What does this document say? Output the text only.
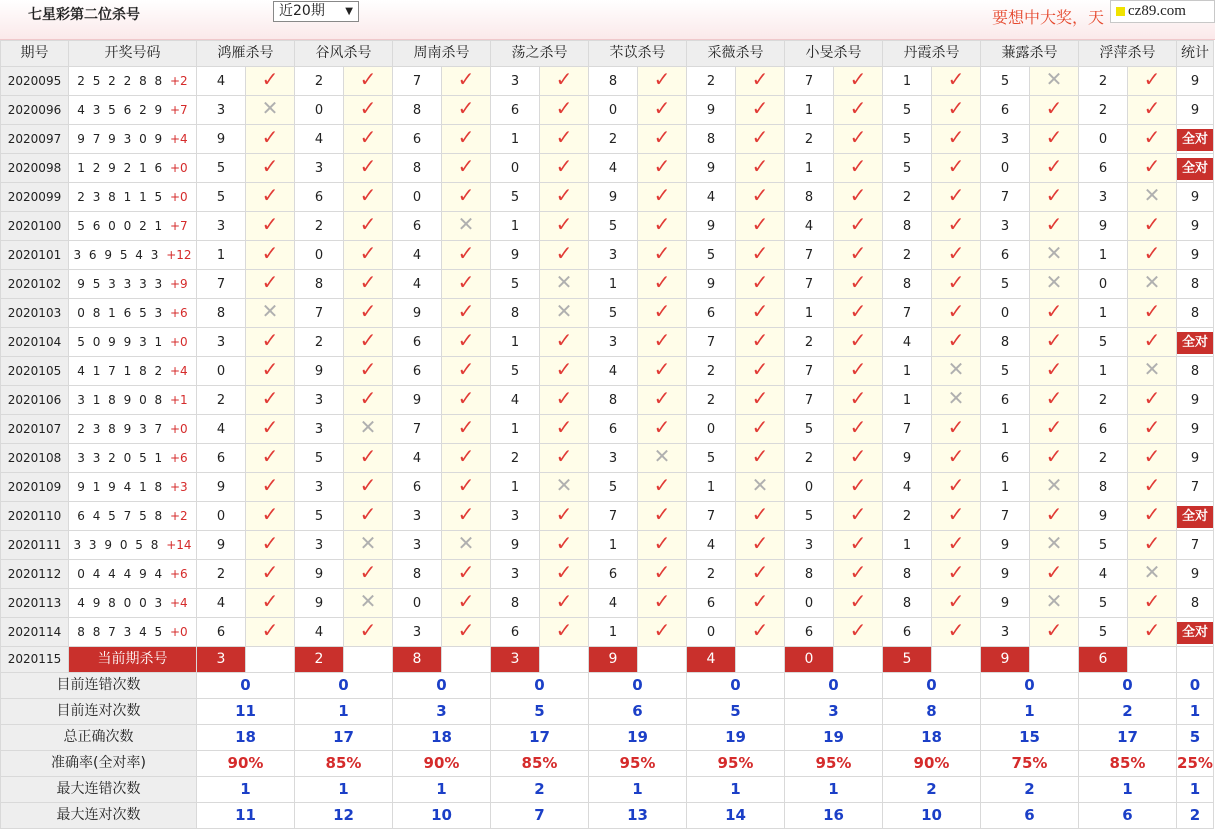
七星彩第二位杀号	近20期 ▼	要想中大奖，天	cz89.com
期号	开奖号码	鸿雁杀号		谷风杀号		周南杀号		荡之杀号		芣苡杀号		采薇杀号		小旻杀号		丹霞杀号		蒹露杀号		浮萍杀号		统计
2020095	2 5 2 2 8 8 +2	4	✓	2	✓	7	✓	3	✓	8	✓	2	✓	7	✓	1	✓	5	✕	2	✓	9
2020096	4 3 5 6 2 9 +7	3	✕	0	✓	8	✓	6	✓	0	✓	9	✓	1	✓	5	✓	6	✓	2	✓	9
2020097	9 7 9 3 0 9 +4	9	✓	4	✓	6	✓	1	✓	2	✓	8	✓	2	✓	5	✓	3	✓	0	✓	全对
2020098	1 2 9 2 1 6 +0	5	✓	3	✓	8	✓	0	✓	4	✓	9	✓	1	✓	5	✓	0	✓	6	✓	全对
2020099	2 3 8 1 1 5 +0	5	✓	6	✓	0	✓	5	✓	9	✓	4	✓	8	✓	2	✓	7	✓	3	✕	9
2020100	5 6 0 0 2 1 +7	3	✓	2	✓	6	✕	1	✓	5	✓	9	✓	4	✓	8	✓	3	✓	9	✓	9
2020101	3 6 9 5 4 3 +12	1	✓	0	✓	4	✓	9	✓	3	✓	5	✓	7	✓	2	✓	6	✕	1	✓	9
2020102	9 5 3 3 3 3 +9	7	✓	8	✓	4	✓	5	✕	1	✓	9	✓	7	✓	8	✓	5	✕	0	✕	8
2020103	0 8 1 6 5 3 +6	8	✕	7	✓	9	✓	8	✕	5	✓	6	✓	1	✓	7	✓	0	✓	1	✓	8
2020104	5 0 9 9 3 1 +0	3	✓	2	✓	6	✓	1	✓	3	✓	7	✓	2	✓	4	✓	8	✓	5	✓	全对
2020105	4 1 7 1 8 2 +4	0	✓	9	✓	6	✓	5	✓	4	✓	2	✓	7	✓	1	✕	5	✓	1	✕	8
2020106	3 1 8 9 0 8 +1	2	✓	3	✓	9	✓	4	✓	8	✓	2	✓	7	✓	1	✕	6	✓	2	✓	9
2020107	2 3 8 9 3 7 +0	4	✓	3	✕	7	✓	1	✓	6	✓	0	✓	5	✓	7	✓	1	✓	6	✓	9
2020108	3 3 2 0 5 1 +6	6	✓	5	✓	4	✓	2	✓	3	✕	5	✓	2	✓	9	✓	6	✓	2	✓	9
2020109	9 1 9 4 1 8 +3	9	✓	3	✓	6	✓	1	✕	5	✓	1	✕	0	✓	4	✓	1	✕	8	✓	7
2020110	6 4 5 7 5 8 +2	0	✓	5	✓	3	✓	3	✓	7	✓	7	✓	5	✓	2	✓	7	✓	9	✓	全对
2020111	3 3 9 0 5 8 +14	9	✓	3	✕	3	✕	9	✓	1	✓	4	✓	3	✓	1	✓	9	✕	5	✓	7
2020112	0 4 4 4 9 4 +6	2	✓	9	✓	8	✓	3	✓	6	✓	2	✓	8	✓	8	✓	9	✓	4	✕	9
2020113	4 9 8 0 0 3 +4	4	✓	9	✕	0	✓	8	✓	4	✓	6	✓	0	✓	8	✓	9	✕	5	✓	8
2020114	8 8 7 3 4 5 +0	6	✓	4	✓	3	✓	6	✓	1	✓	0	✓	6	✓	6	✓	3	✓	5	✓	全对
2020115	当前期杀号	3		2		8		3		9		4		0		5		9		6		
目前连错次数		0		0		0		0		0		0		0		0		0		0		0
目前连对次数		11		1		3		5		6		5		3		8		1		2		1
总正确次数		18		17		18		17		19		19		19		18		15		17		5
准确率(全对率)		90%		85%		90%		85%		95%		95%		95%		90%		75%		85%		25%
最大连错次数		1		1		1		2		1		1		1		2		2		1		1
最大连对次数		11		12		10		7		13		14		16		10		6		6		2
